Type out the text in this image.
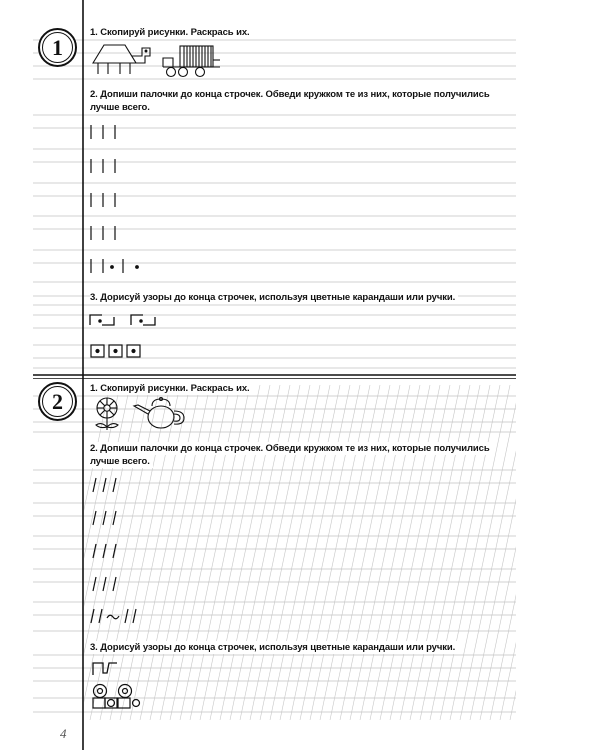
1
1. Скопируй рисунки. Раскрась их.
2. Допиши палочки до конца строчек. Обведи кружком те из них, которые получились
лучше всего.
3. Дорисуй узоры до конца строчек, используя цветные карандаши или ручки.
2	1. Скопируй рисунки. Раскрась их.
2. Допиши палочки до конца строчек. Обведи кружком те из них, которые получились
лучше всего.
3. Дорисуй узоры до конца строчек, используя цветные карандаши или ручки.
4
